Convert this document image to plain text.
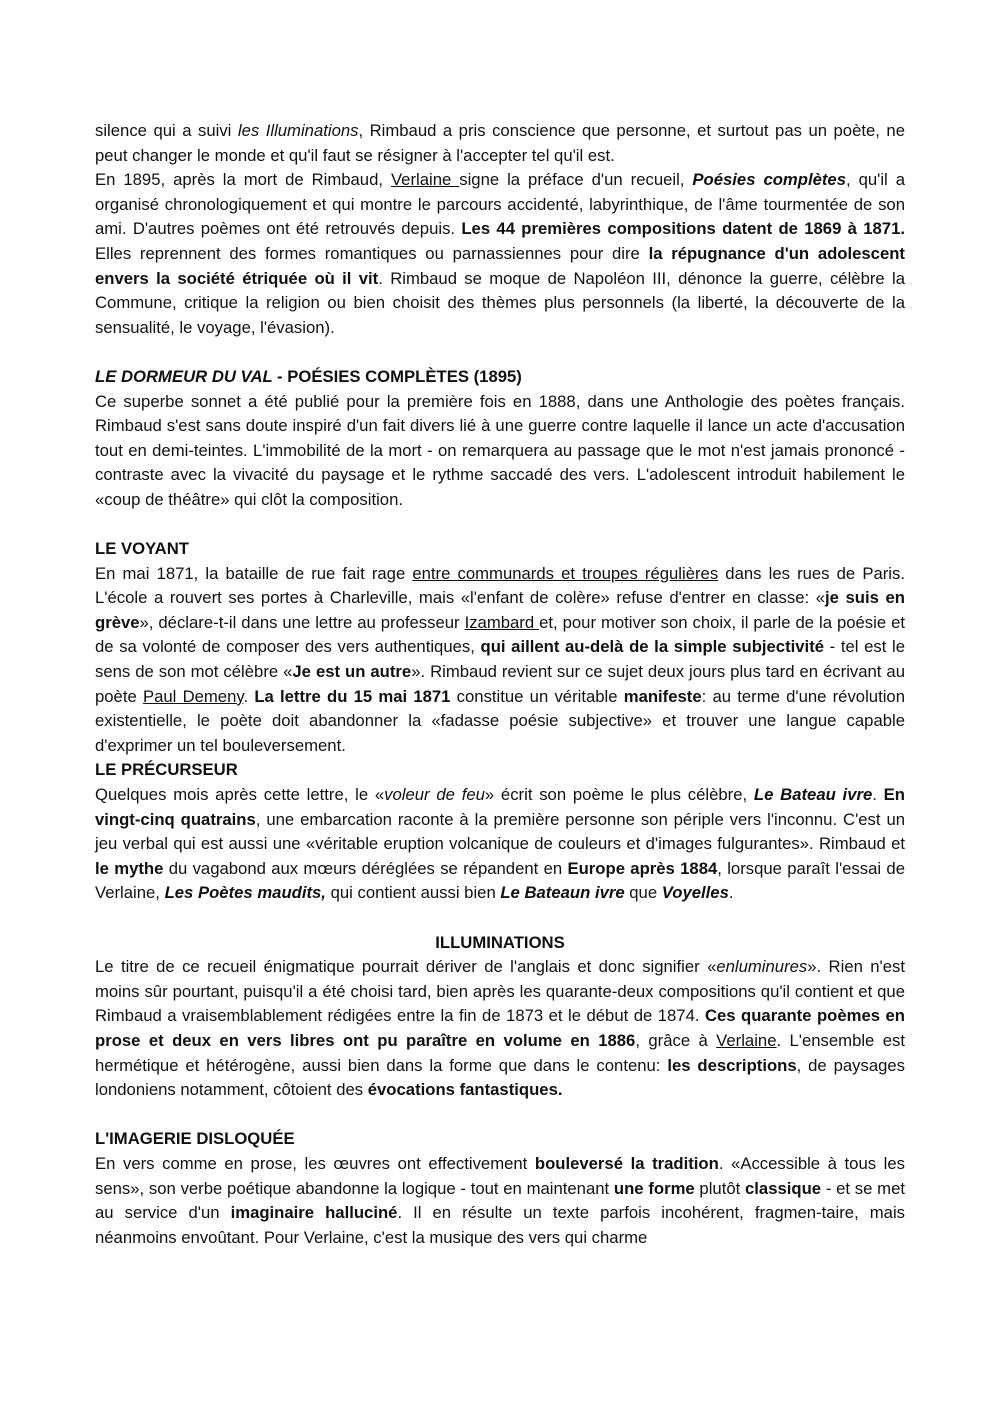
silence qui a suivi les Illuminations, Rimbaud a pris conscience que personne, et surtout pas un poète, ne peut changer le monde et qu'il faut se résigner à l'accepter tel qu'il est.

En 1895, après la mort de Rimbaud, Verlaine signe la préface d'un recueil, Poésies complètes, qu'il a organisé chronologiquement et qui montre le parcours accidenté, labyrinthique, de l'âme tourmentée de son ami. D'autres poèmes ont été retrouvés depuis. Les 44 premières compositions datent de 1869 à 1871. Elles reprennent des formes romantiques ou parnassiennes pour dire la répugnance d'un adolescent envers la société étriquée où il vit. Rimbaud se moque de Napoléon III, dénonce la guerre, célèbre la Commune, critique la religion ou bien choisit des thèmes plus personnels (la liberté, la découverte de la sensualité, le voyage, l'évasion).

LE DORMEUR DU VAL - POÉSIES COMPLÈTES (1895)

Ce superbe sonnet a été publié pour la première fois en 1888, dans une Anthologie des poètes français. Rimbaud s'est sans doute inspiré d'un fait divers lié à une guerre contre laquelle il lance un acte d'accusation tout en demi-teintes. L'immobilité de la mort - on remarquera au passage que le mot n'est jamais prononcé - contraste avec la vivacité du paysage et le rythme saccadé des vers. L'adolescent introduit habilement le «coup de théâtre» qui clôt la composition.

LE VOYANT

En mai 1871, la bataille de rue fait rage entre communards et troupes régulières dans les rues de Paris. L'école a rouvert ses portes à Charleville, mais «l'enfant de colère» refuse d'entrer en classe: «je suis en grève», déclare-t-il dans une lettre au professeur Izambard et, pour motiver son choix, il parle de la poésie et de sa volonté de composer des vers authentiques, qui aillent au-delà de la simple subjectivité - tel est le sens de son mot célèbre «Je est un autre». Rimbaud revient sur ce sujet deux jours plus tard en écrivant au poète Paul Demeny. La lettre du 15 mai 1871 constitue un véritable manifeste: au terme d'une révolution existentielle, le poète doit abandonner la «fadasse poésie subjective» et trouver une langue capable d'exprimer un tel bouleversement.

LE PRÉCURSEUR

Quelques mois après cette lettre, le «voleur de feu» écrit son poème le plus célèbre, Le Bateau ivre. En vingt-cinq quatrains, une embarcation raconte à la première personne son périple vers l'inconnu. C'est un jeu verbal qui est aussi une «véritable eruption volcanique de couleurs et d'images fulgurantes». Rimbaud et le mythe du vagabond aux mœurs déréglées se répandent en Europe après 1884, lorsque paraît l'essai de Verlaine, Les Poètes maudits, qui contient aussi bien Le Bateaun ivre que Voyelles.

ILLUMINATIONS

Le titre de ce recueil énigmatique pourrait dériver de l'anglais et donc signifier «enluminures». Rien n'est moins sûr pourtant, puisqu'il a été choisi tard, bien après les quarante-deux compositions qu'il contient et que Rimbaud a vraisemblablement rédigées entre la fin de 1873 et le début de 1874. Ces quarante poèmes en prose et deux en vers libres ont pu paraître en volume en 1886, grâce à Verlaine. L'ensemble est hermétique et hétérogène, aussi bien dans la forme que dans le contenu: les descriptions, de paysages londoniens notamment, côtoient des évocations fantastiques.

L'IMAGERIE DISLOQUÉE

En vers comme en prose, les œuvres ont effectivement bouleversé la tradition. «Accessible à tous les sens», son verbe poétique abandonne la logique - tout en maintenant une forme plutôt classique - et se met au service d'un imaginaire halluciné. Il en résulte un texte parfois incohérent, fragmen-taire, mais néanmoins envoûtant. Pour Verlaine, c'est la musique des vers qui charme
